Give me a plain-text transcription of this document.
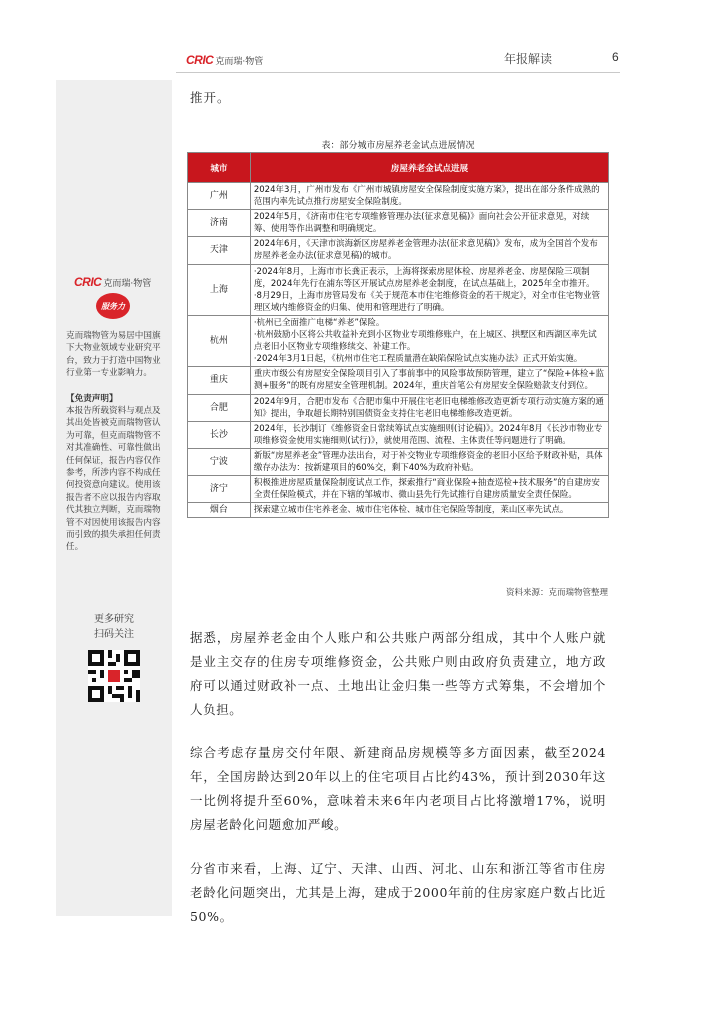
CRIC 克而瑞·物管	年报解读	6
CRIC 克而瑞·物管
服务力
克而瑞物管为易居中国旗下大物业领域专业研究平台，致力于打造中国物业行业第一专业影响力。
【免责声明】
本报告所载资料与观点及其出处皆被克而瑞物管认为可靠，但克而瑞物管不对其准确性、可靠性做出任何保证，报告内容仅作参考，所涉内容不构成任何投资意向建议。使用该报告者不应以报告内容取代其独立判断，克而瑞物管不对因使用该报告内容而引致的损失承担任何责任。
更多研究
扫码关注
推开。
表：部分城市房屋养老金试点进展情况
城市	房屋养老金试点进展
广州	2024年3月，广州市发布《广州市城镇房屋安全保险制度实施方案》，提出在部分条件成熟的范围内率先试点推行房屋安全保险制度。
济南	2024年5月，《济南市住宅专项维修管理办法(征求意见稿)》面向社会公开征求意见，对续筹、使用等作出调整和明确规定。
天津	2024年6月，《天津市滨海新区房屋养老金管理办法(征求意见稿)》发布，成为全国首个发布房屋养老金办法(征求意见稿)的城市。
上海	·2024年8月，上海市市长龚正表示，上海将探索房屋体检、房屋养老金、房屋保险三项制度，2024年先行在浦东等区开展试点房屋养老金制度，在试点基础上，2025年全市推开。
·8月29日，上海市房管局发布《关于规范本市住宅维修资金的若干规定》，对全市住宅物业管理区域内维修资金的归集、使用和管理进行了明确。
杭州	·杭州已全面推广电梯“养老”保险。
·杭州鼓励小区将公共收益补充到小区物业专项维修账户，在上城区、拱墅区和西湖区率先试点老旧小区物业专项维修续交、补建工作。
·2024年3月1日起，《杭州市住宅工程质量潜在缺陷保险试点实施办法》正式开始实施。
重庆	重庆市级公有房屋安全保险项目引入了事前事中的风险事故预防管理，建立了“保险+体检+监测+服务”的既有房屋安全管理机制。2024年，重庆首笔公有房屋安全保险赔款支付到位。
合肥	2024年9月，合肥市发布《合肥市集中开展住宅老旧电梯维修改造更新专项行动实施方案的通知》提出，争取超长期特别国债资金支持住宅老旧电梯维修改造更新。
长沙	2024年，长沙制订《维修资金日常续筹试点实施细则(讨论稿)》。2024年8月《长沙市物业专项维修资金使用实施细则(试行)》，就使用范围、流程、主体责任等问题进行了明确。
宁波	新版“房屋养老金”管理办法出台，对于补交物业专项维修资金的老旧小区给予财政补贴，具体缴存办法为：按新建项目的60%交，剩下40%为政府补贴。
济宁	积极推进房屋质量保险制度试点工作，探索推行“商业保险+抽查巡检+技术服务”的自建房安全责任保险模式，并在下辖的邹城市、微山县先行先试推行自建房质量安全责任保险。
烟台	探索建立城市住宅养老金、城市住宅体检、城市住宅保险等制度，莱山区率先试点。
资料来源：克而瑞物管整理
据悉，房屋养老金由个人账户和公共账户两部分组成，其中个人账户就是业主交存的住房专项维修资金，公共账户则由政府负责建立，地方政府可以通过财政补一点、土地出让金归集一些等方式筹集，不会增加个人负担。
综合考虑存量房交付年限、新建商品房规模等多方面因素，截至2024年，全国房龄达到20年以上的住宅项目占比约43%，预计到2030年这一比例将提升至60%，意味着未来6年内老项目占比将激增17%，说明房屋老龄化问题愈加严峻。
分省市来看，上海、辽宁、天津、山西、河北、山东和浙江等省市住房老龄化问题突出，尤其是上海，建成于2000年前的住房家庭户数占比近50%。
